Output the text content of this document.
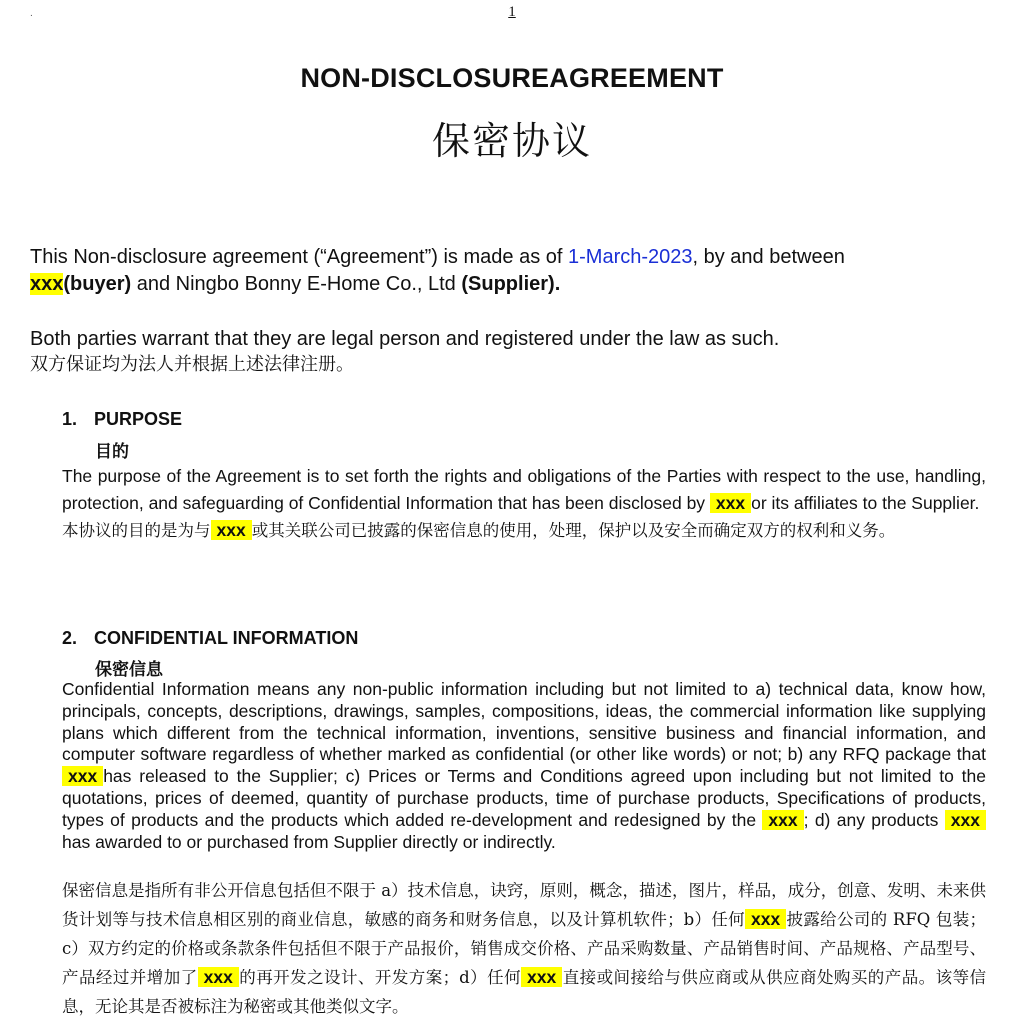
.	1
NON-DISCLOSUREAGREEMENT
保密协议
This Non-disclosure agreement (“Agreement”) is made as of 1-March-2023, by and between
xxx(buyer) and Ningbo Bonny E-Home Co., Ltd (Supplier).
Both parties warrant that they are legal person and registered under the law as such.
双方保证均为法人并根据上述法律注册。
1. PURPOSE
目的
The purpose of the Agreement is to set forth the rights and obligations of the Parties with respect to the use, handling, protection, and safeguarding of Confidential Information that has been disclosed by xxx or its affiliates to the Supplier.
本协议的目的是为与 xxx 或其关联公司已披露的保密信息的使用，处理，保护以及安全而确定双方的权利和义务。
2. CONFIDENTIAL INFORMATION
保密信息
Confidential Information means any non-public information including but not limited to a) technical data, know how, principals, concepts, descriptions, drawings, samples, compositions, ideas, the commercial information like supplying plans which different from the technical information, inventions, sensitive business and financial information, and computer software regardless of whether marked as confidential (or other like words) or not; b) any RFQ package that xxx has released to the Supplier; c) Prices or Terms and Conditions agreed upon including but not limited to the quotations, prices of deemed, quantity of purchase products, time of purchase products, Specifications of products, types of products and the products which added re-development and redesigned by the xxx ; d) any products xxx has awarded to or purchased from Supplier directly or indirectly.
保密信息是指所有非公开信息包括但不限于 a）技术信息，诀窍，原则，概念，描述，图片，样品，成分，创意、发明、未来供货计划等与技术信息相区别的商业信息，敏感的商务和财务信息，以及计算机软件；b）任何 xxx 披露给公司的 RFQ 包装；c）双方约定的价格或条款条件包括但不限于产品报价，销售成交价格、产品采购数量、产品销售时间、产品规格、产品型号、产品经过并增加了 xxx 的再开发之设计、开发方案；d）任何 xxx 直接或间接给与供应商或从供应商处购买的产品。该等信息，无论其是否被标注为秘密或其他类似文字。
